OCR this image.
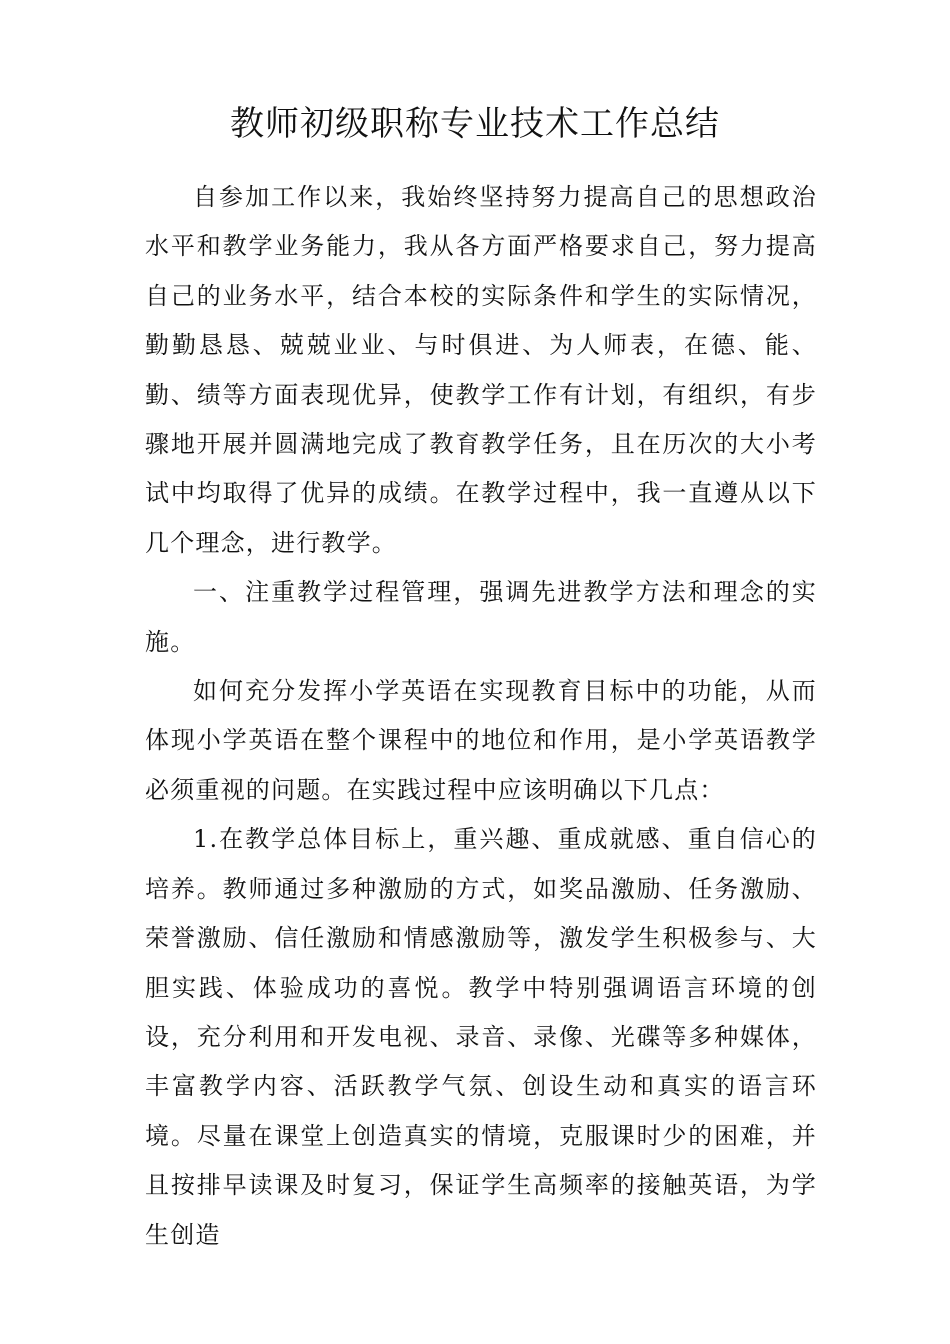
教师初级职称专业技术工作总结

自参加工作以来，我始终坚持努力提高自己的思想政治水平和教学业务能力，我从各方面严格要求自己，努力提高自己的业务水平，结合本校的实际条件和学生的实际情况，勤勤恳恳、兢兢业业、与时俱进、为人师表，在德、能、勤、绩等方面表现优异，使教学工作有计划，有组织，有步骤地开展并圆满地完成了教育教学任务，且在历次的大小考试中均取得了优异的成绩。在教学过程中，我一直遵从以下几个理念，进行教学。

一、注重教学过程管理，强调先进教学方法和理念的实施。

如何充分发挥小学英语在实现教育目标中的功能，从而体现小学英语在整个课程中的地位和作用，是小学英语教学必须重视的问题。在实践过程中应该明确以下几点：

1.在教学总体目标上，重兴趣、重成就感、重自信心的培养。教师通过多种激励的方式，如奖品激励、任务激励、荣誉激励、信任激励和情感激励等，激发学生积极参与、大胆实践、体验成功的喜悦。教学中特别强调语言环境的创设，充分利用和开发电视、录音、录像、光碟等多种媒体，丰富教学内容、活跃教学气氛、创设生动和真实的语言环境。尽量在课堂上创造真实的情境，克服课时少的困难，并且按排早读课及时复习，保证学生高频率的接触英语，为学生创造
